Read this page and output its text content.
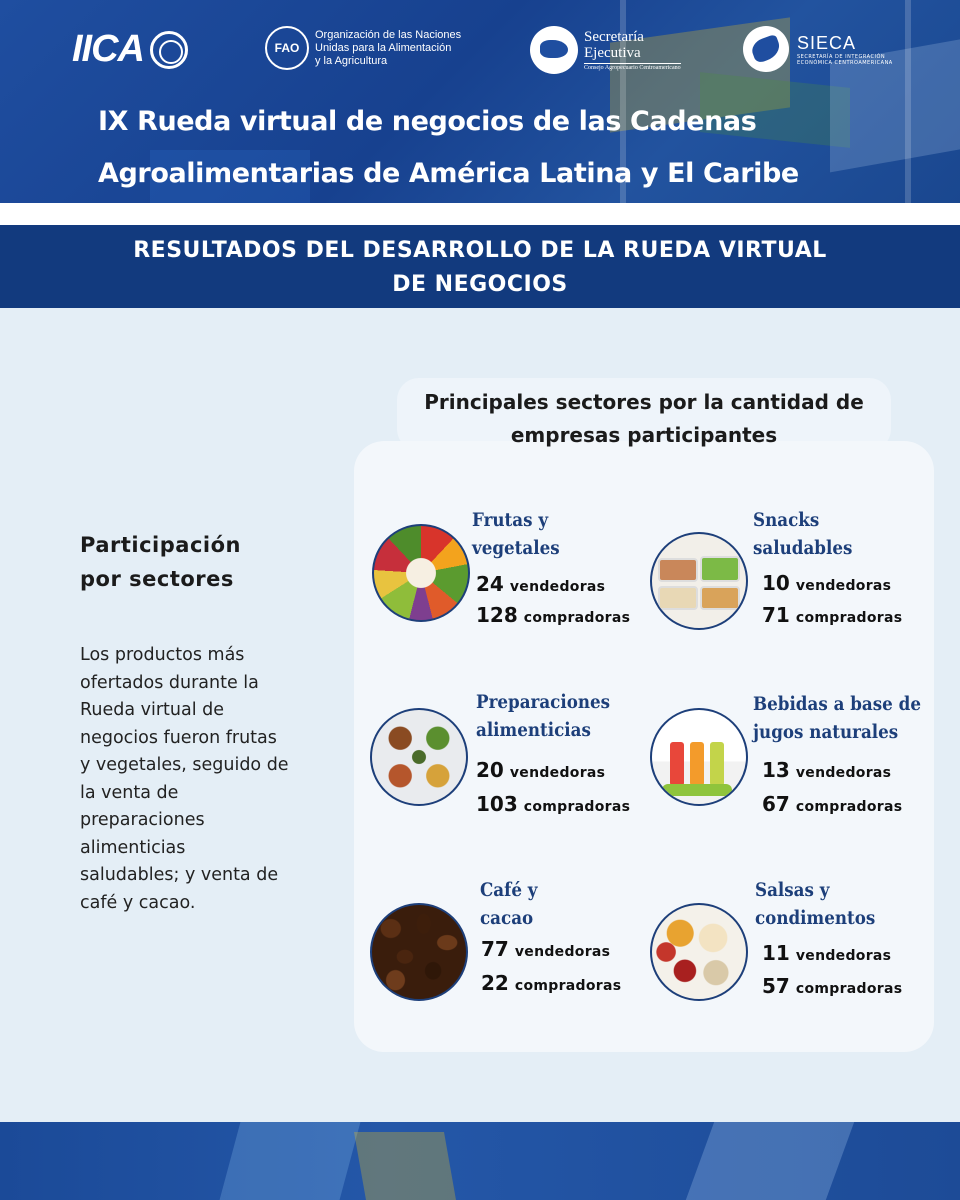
IICA	FAO
Organización de las Naciones
Unidas para la Alimentación
y la Agricultura
Secretaría
Ejecutiva
Consejo Agropecuario Centroamericano
SIECA
SECRETARÍA DE INTEGRACIÓN
ECONÓMICA CENTROAMERICANA
IX Rueda virtual de negocios de las Cadenas
Agroalimentarias de América Latina y El Caribe
RESULTADOS DEL DESARROLLO DE LA RUEDA VIRTUAL
DE NEGOCIOS
Participación
por sectores

Los productos más ofertados durante la Rueda virtual de negocios fueron frutas y vegetales, seguido de la venta de preparaciones alimenticias saludables; y venta de café y cacao.

Principales sectores por la cantidad de
empresas participantes
Frutas y
vegetales
24 vendedoras
128 compradoras
Snacks
saludables
10 vendedoras
71 compradoras
Preparaciones
alimenticias
20 vendedoras
103 compradoras
Bebidas a base de
jugos naturales
13 vendedoras
67 compradoras
Café y
cacao
77 vendedoras
22 compradoras
Salsas y
condimentos
11 vendedoras
57 compradoras
